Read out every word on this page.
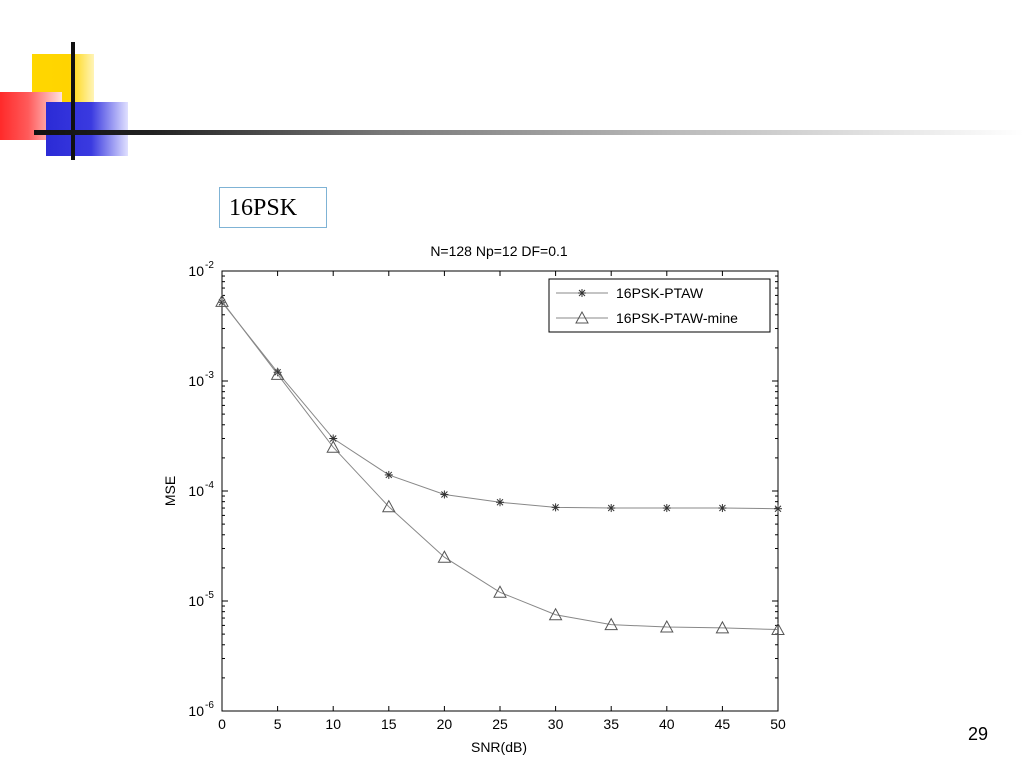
16PSK
N=128 Np=12 DF=0.1
0	5	10	15	20	25	30	35	40	45	50
10 -2
10 -3
10 -4
10 -5
10 -6
SNR(dB)
MSE
16PSK-PTAW
16PSK-PTAW-mine
29
